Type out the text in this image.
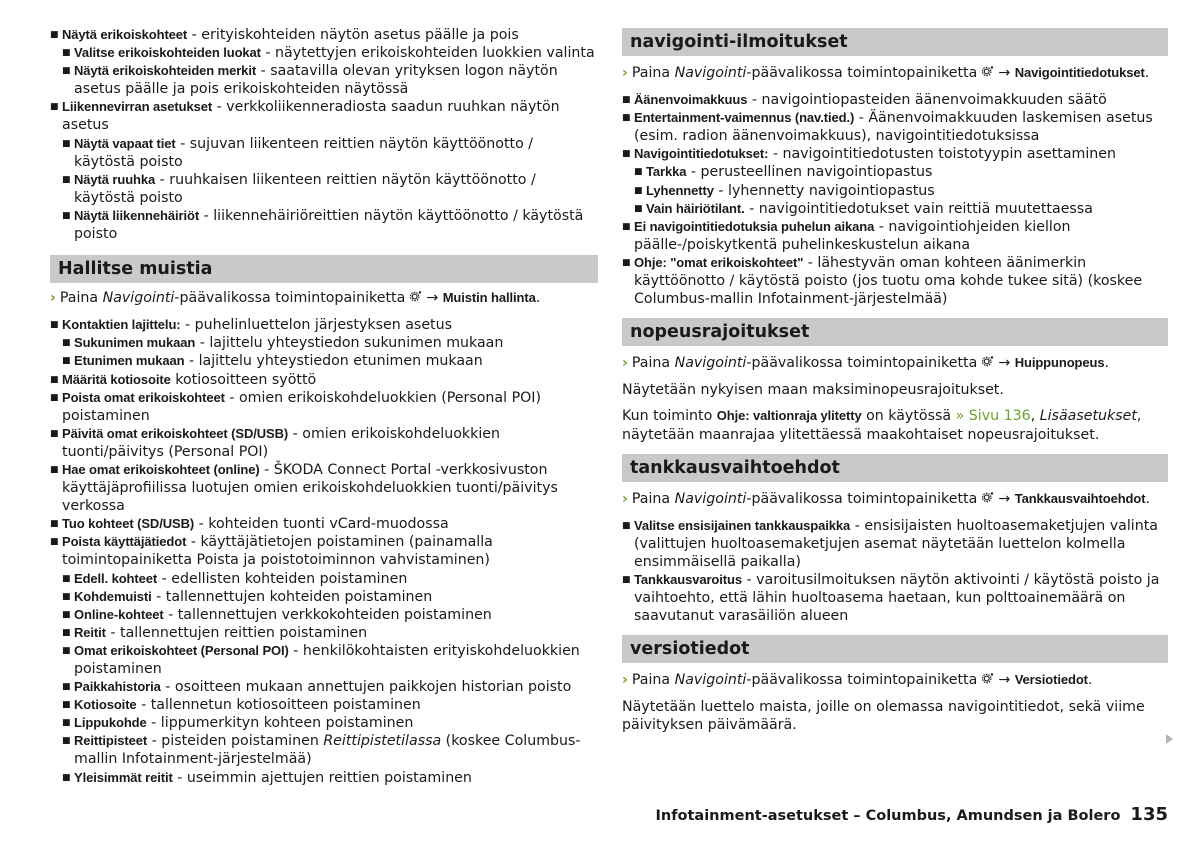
■ Näytä erikoiskohteet - erityiskohteiden näytön asetus päälle ja pois
■ Valitse erikoiskohteiden luokat - näytettyjen erikoiskohteiden luokkien valinta
■ Näytä erikoiskohteiden merkit - saatavilla olevan yrityksen logon näytön asetus päälle ja pois erikoiskohteiden näytössä
■ Liikennevirran asetukset - verkkoliikenneradiosta saadun ruuhkan näytön asetus
■ Näytä vapaat tiet - sujuvan liikenteen reittien näytön käyttöönotto / käytöstä poisto
■ Näytä ruuhka - ruuhkaisen liikenteen reittien näytön käyttöönotto / käytöstä poisto
■ Näytä liikennehäiriöt - liikennehäiriöreittien näytön käyttöönotto / käytöstä poisto
Hallitse muistia
› Paina Navigointi-päävalikossa toimintopainiketta → Muistin hallinta.
■ Kontaktien lajittelu: - puhelinluettelon järjestyksen asetus
■ Sukunimen mukaan - lajittelu yhteystiedon sukunimen mukaan
■ Etunimen mukaan - lajittelu yhteystiedon etunimen mukaan
■ Määritä kotiosoite kotiosoitteen syöttö
■ Poista omat erikoiskohteet - omien erikoiskohdeluokkien (Personal POI) poistaminen
■ Päivitä omat erikoiskohteet (SD/USB) - omien erikoiskohdeluokkien tuonti/päivitys (Personal POI)
■ Hae omat erikoiskohteet (online) - ŠKODA Connect Portal -verkkosivuston käyttäjäprofiilissa luotujen omien erikoiskohdeluokkien tuonti/päivitys verkossa
■ Tuo kohteet (SD/USB) - kohteiden tuonti vCard-muodossa
■ Poista käyttäjätiedot - käyttäjätietojen poistaminen (painamalla toimintopainiketta Poista ja poistotoiminnon vahvistaminen)
■ Edell. kohteet - edellisten kohteiden poistaminen
■ Kohdemuisti - tallennettujen kohteiden poistaminen
■ Online-kohteet - tallennettujen verkkokohteiden poistaminen
■ Reitit - tallennettujen reittien poistaminen
■ Omat erikoiskohteet (Personal POI) - henkilökohtaisten erityiskohdeluokkien poistaminen
■ Paikkahistoria - osoitteen mukaan annettujen paikkojen historian poisto
■ Kotiosoite - tallennetun kotiosoitteen poistaminen
■ Lippukohde - lippumerkityn kohteen poistaminen
■ Reittipisteet - pisteiden poistaminen Reittipistetilassa (koskee Columbus-mallin Infotainment-järjestelmää)
■ Yleisimmät reitit - useimmin ajettujen reittien poistaminen
navigointi-ilmoitukset
› Paina Navigointi-päävalikossa toimintopainiketta → Navigointitiedotukset.
■ Äänenvoimakkuus - navigointiopasteiden äänenvoimakkuuden säätö
■ Entertainment-vaimennus (nav.tied.) - Äänenvoimakkuuden laskemisen asetus (esim. radion äänenvoimakkuus), navigointitiedotuksissa
■ Navigointitiedotukset: - navigointitiedotusten toistotyypin asettaminen
■ Tarkka - perusteellinen navigointiopastus
■ Lyhennetty - lyhennetty navigointiopastus
■ Vain häiriötilant. - navigointitiedotukset vain reittiä muutettaessa
■ Ei navigointitiedotuksia puhelun aikana - navigointiohjeiden kiellon päälle-/poiskytkentä puhelinkeskustelun aikana
■ Ohje: "omat erikoiskohteet" - lähestyvän oman kohteen äänimerkin käyttöönotto / käytöstä poisto (jos tuotu oma kohde tukee sitä) (koskee Columbus-mallin Infotainment-järjestelmää)
nopeusrajoitukset
› Paina Navigointi-päävalikossa toimintopainiketta → Huippunopeus.

Näytetään nykyisen maan maksiminopeusrajoitukset.

Kun toiminto Ohje: valtionraja ylitetty on käytössä » Sivu 136, Lisäasetukset, näytetään maanrajaa ylitettäessä maakohtaiset nopeusrajoitukset.

tankkausvaihtoehdot
› Paina Navigointi-päävalikossa toimintopainiketta → Tankkausvaihtoehdot.
■ Valitse ensisijainen tankkauspaikka - ensisijaisten huoltoasemaketjujen valinta (valittujen huoltoasemaketjujen asemat näytetään luettelon kolmella ensimmäisellä paikalla)
■ Tankkausvaroitus - varoitusilmoituksen näytön aktivointi / käytöstä poisto ja vaihtoehto, että lähin huoltoasema haetaan, kun polttoainemäärä on saavutanut varasäiliön alueen
versiotiedot
› Paina Navigointi-päävalikossa toimintopainiketta → Versiotiedot.

Näytetään luettelo maista, joille on olemassa navigointitiedot, sekä viime päivityksen päivämäärä.

Infotainment-asetukset – Columbus, Amundsen ja Bolero 135
